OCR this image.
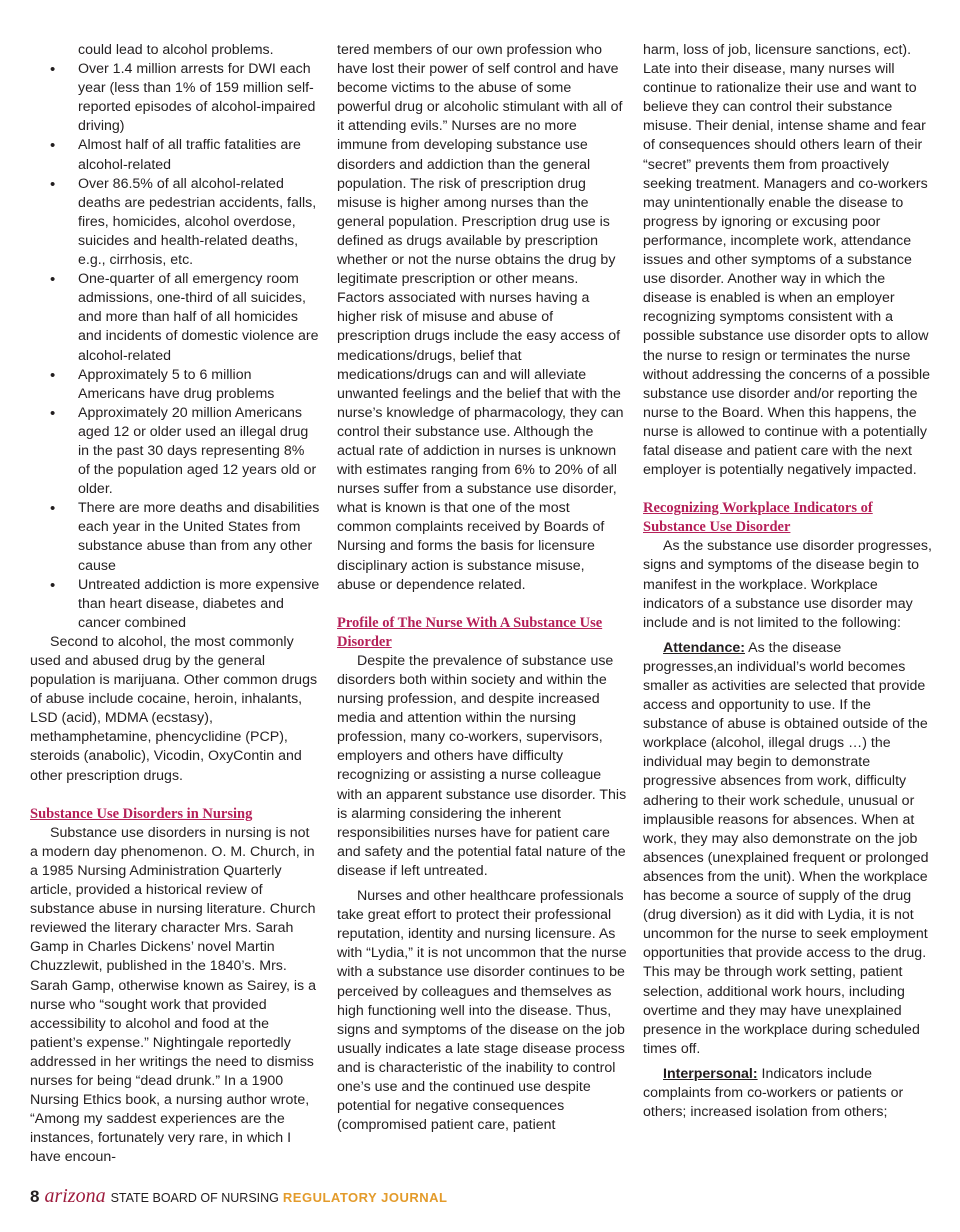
could lead to alcohol problems.

• Over 1.4 million arrests for DWI each year (less than 1% of 159 million self-reported episodes of alcohol-impaired driving)
• Almost half of all traffic fatalities are alcohol-related
• Over 86.5% of all alcohol-related deaths are pedestrian accidents, falls, fires, homicides, alcohol overdose, suicides and health-related deaths, e.g., cirrhosis, etc.
• One-quarter of all emergency room admissions, one-third of all suicides, and more than half of all homicides and incidents of domestic violence are alcohol-related
• Approximately 5 to 6 million Americans have drug problems
• Approximately 20 million Americans aged 12 or older used an illegal drug in the past 30 days representing 8% of the population aged 12 years old or older.
• There are more deaths and disabilities each year in the United States from substance abuse than from any other cause
• Untreated addiction is more expensive than heart disease, diabetes and cancer combined

Second to alcohol, the most commonly used and abused drug by the general population is marijuana. Other common drugs of abuse include cocaine, heroin, inhalants, LSD (acid), MDMA (ecstasy), methamphetamine, phencyclidine (PCP), steroids (anabolic), Vicodin, OxyContin and other prescription drugs.

Substance Use Disorders in Nursing

Substance use disorders in nursing is not a modern day phenomenon. O. M. Church, in a 1985 Nursing Administration Quarterly article, provided a historical review of substance abuse in nursing literature. Church reviewed the literary character Mrs. Sarah Gamp in Charles Dickens’ novel Martin Chuzzlewit, published in the 1840’s. Mrs. Sarah Gamp, otherwise known as Sairey, is a nurse who “sought work that provided accessibility to alcohol and food at the patient’s expense.” Nightingale reportedly addressed in her writings the need to dismiss nurses for being “dead drunk.” In a 1900 Nursing Ethics book, a nursing author wrote, “Among my saddest experiences are the instances, fortunately very rare, in which I have encoun-

tered members of our own profession who have lost their power of self control and have become victims to the abuse of some powerful drug or alcoholic stimulant with all of it attending evils.” Nurses are no more immune from developing substance use disorders and addiction than the general population. The risk of prescription drug misuse is higher among nurses than the general population. Prescription drug use is defined as drugs available by prescription whether or not the nurse obtains the drug by legitimate prescription or other means. Factors associated with nurses having a higher risk of misuse and abuse of prescription drugs include the easy access of medications/drugs, belief that medications/drugs can and will alleviate unwanted feelings and the belief that with the nurse’s knowledge of pharmacology, they can control their substance use. Although the actual rate of addiction in nurses is unknown with estimates ranging from 6% to 20% of all nurses suffer from a substance use disorder, what is known is that one of the most common complaints received by Boards of Nursing and forms the basis for licensure disciplinary action is substance misuse, abuse or dependence related.

Profile of The Nurse With A Substance Use Disorder

Despite the prevalence of substance use disorders both within society and within the nursing profession, and despite increased media and attention within the nursing profession, many co-workers, supervisors, employers and others have difficulty recognizing or assisting a nurse colleague with an apparent substance use disorder. This is alarming considering the inherent responsibilities nurses have for patient care and safety and the potential fatal nature of the disease if left untreated.

Nurses and other healthcare professionals take great effort to protect their professional reputation, identity and nursing licensure. As with “Lydia,” it is not uncommon that the nurse with a substance use disorder continues to be perceived by colleagues and themselves as high functioning well into the disease. Thus, signs and symptoms of the disease on the job usually indicates a late stage disease process and is characteristic of the inability to control one’s use and the continued use despite potential for negative consequences (compromised patient care, patient

harm, loss of job, licensure sanctions, ect). Late into their disease, many nurses will continue to rationalize their use and want to believe they can control their substance misuse. Their denial, intense shame and fear of consequences should others learn of their “secret” prevents them from proactively seeking treatment. Managers and co-workers may unintentionally enable the disease to progress by ignoring or excusing poor performance, incomplete work, attendance issues and other symptoms of a substance use disorder. Another way in which the disease is enabled is when an employer recognizing symptoms consistent with a possible substance use disorder opts to allow the nurse to resign or terminates the nurse without addressing the concerns of a possible substance use disorder and/or reporting the nurse to the Board. When this happens, the nurse is allowed to continue with a potentially fatal disease and patient care with the next employer is potentially negatively impacted.

Recognizing Workplace Indicators of Substance Use Disorder

As the substance use disorder progresses, signs and symptoms of the disease begin to manifest in the workplace. Workplace indicators of a substance use disorder may include and is not limited to the following:

Attendance: As the disease progresses,an individual’s world becomes smaller as activities are selected that provide access and opportunity to use. If the substance of abuse is obtained outside of the workplace (alcohol, illegal drugs …) the individual may begin to demonstrate progressive absences from work, difficulty adhering to their work schedule, unusual or implausible reasons for absences. When at work, they may also demonstrate on the job absences (unexplained frequent or prolonged absences from the unit). When the workplace has become a source of supply of the drug (drug diversion) as it did with Lydia, it is not uncommon for the nurse to seek employment opportunities that provide access to the drug. This may be through work setting, patient selection, additional work hours, including overtime and they may have unexplained presence in the workplace during scheduled times off.

Interpersonal: Indicators include complaints from co-workers or patients or others; increased isolation from others;

8 arizona STATE BOARD OF NURSING REGULATORY JOURNAL
